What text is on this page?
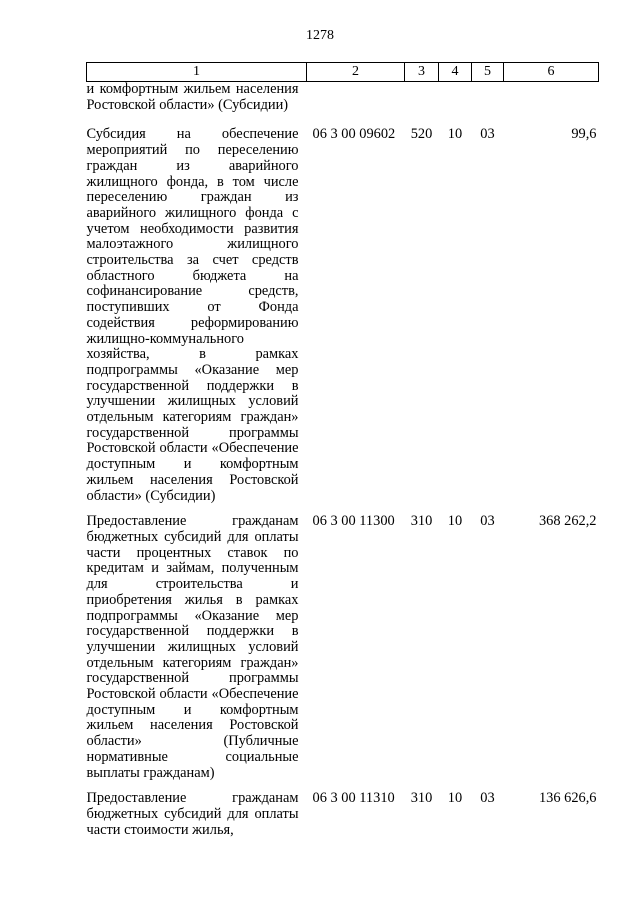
1278
1	2	3	4	5	6
и комфортным жильем населения Ростовской области» (Субсидии)					
Субсидия на обеспечение мероприятий по переселению граждан из аварийного жилищного фонда, в том числе переселению граждан из аварийного жилищного фонда с учетом необходимости развития малоэтажного жилищного строительства за счет средств областного бюджета на софинансирование средств, поступивших от Фонда содействия реформированию жилищно-коммунального хозяйства, в рамках подпрограммы «Оказание мер государственной поддержки в улучшении жилищных условий отдельным категориям граждан» государственной программы Ростовской области «Обеспечение доступным и комфортным жильем населения Ростовской области» (Субсидии)	06 3 00 09602	520	10	03	99,6
Предоставление гражданам бюджетных субсидий для оплаты части процентных ставок по кредитам и займам, полученным для строительства и приобретения жилья в рамках подпрограммы «Оказание мер государственной поддержки в улучшении жилищных условий отдельным категориям граждан» государственной программы Ростовской области «Обеспечение доступным и комфортным жильем населения Ростовской области» (Публичные нормативные социальные выплаты гражданам)	06 3 00 11300	310	10	03	368 262,2
Предоставление гражданам бюджетных субсидий для оплаты части стоимости жилья,	06 3 00 11310	310	10	03	136 626,6
